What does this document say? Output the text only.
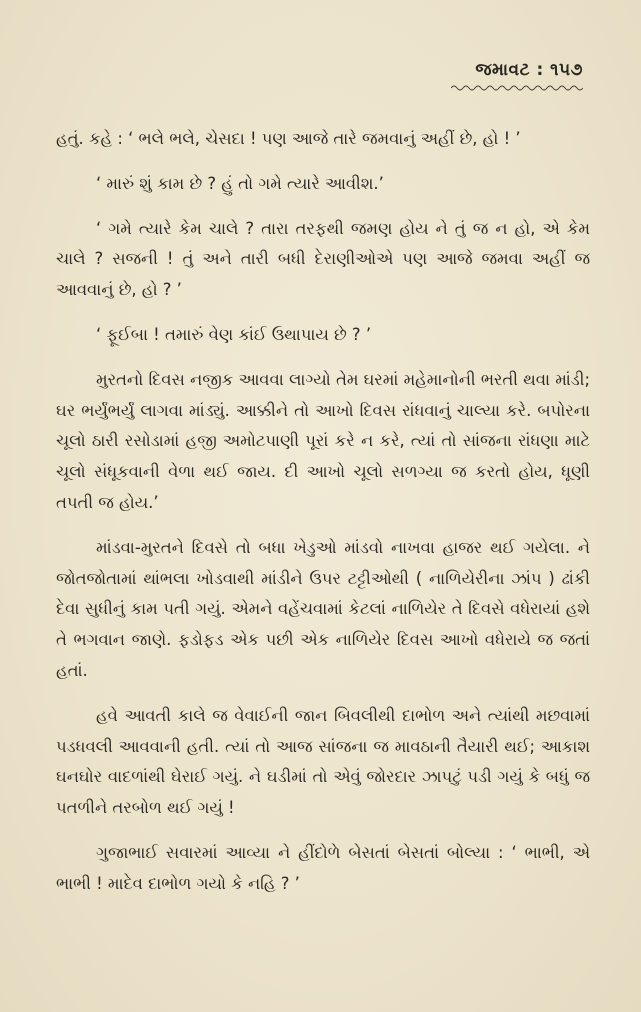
જમાવટ : ૧૫૭

હતું. કહે : ‘ ભલે ભલે, ચેસદા ! પણ આજે તારે જમવાનું અહીં છે, હો ! ’

‘ મારું શું કામ છે ? હું તો ગમે ત્યારે આવીશ.’

‘ ગમે ત્યારે કેમ ચાલે ? તારા તરફથી જમણ હોય ને તું જ ન હો, એ કેમ ચાલે ? સજની ! તું અને તારી બધી દેરાણીઓએ પણ આજે જમવા અહીં જ આવવાનું છે, હો ? ’

‘ ફૂઈબા ! તમારું વેણ કાંઈ ઉથાપાય છે ? ’

મુરતનો દિવસ નજીક આવવા લાગ્યો તેમ ઘરમાં મહેમાનોની ભરતી થવા માંડી; ઘર ભર્યુંભર્યું લાગવા માંડ્યું. આક્કીને તો આખો દિવસ રાંધવાનું ચાલ્યા કરે. બપોરના ચૂલો ઠારી રસોડામાં હજી અમોટપાણી પૂરાં કરે ન કરે, ત્યાં તો સાંજના રાંધણા માટે ચૂલો સંધૂકવાની વેળા થઈ જાય. દી આખો ચૂલો સળગ્યા જ કરતો હોય, ધૂણી તપતી જ હોય.’

માંડવા-મુરતને દિવસે તો બધા ખેડુઓ માંડવો નાખવા હાજર થઈ ગયેલા. ને જોતજોતામાં થાંભલા ખોડવાથી માંડીને ઉપર ટટ્ટીઓથી ( નાળિયેરીના ઝાંપ ) ઢાંકી દેવા સુધીનું કામ પતી ગયું. એમને વહેંચવામાં કેટલાં નાળિયેર તે દિવસે વધેરાયાં હશે તે ભગવાન જાણે. ફડોફડ એક પછી એક નાળિયેર દિવસ આખો વધેરાયે જ જતાં હતાં.

હવે આવતી કાલે જ વેવાઈની જાન બિવલીથી દાભોળ અને ત્યાંથી મછવામાં પડધવલી આવવાની હતી. ત્યાં તો આજ સાંજના જ માવઠાની તૈયારી થઈ; આકાશ ઘનઘોર વાદળાંથી ઘેરાઈ ગયું. ને ઘડીમાં તો એવું જોરદાર ઝાપટું પડી ગયું કે બધું જ પતળીને તરબોળ થઈ ગયું !

ગુજાભાઈ સવારમાં આવ્યા ને હીંદોળે બેસતાં બેસતાં બોલ્યા : ‘ ભાભી, એ ભાભી ! માદેવ દાભોળ ગયો કે નહિ ? ’
